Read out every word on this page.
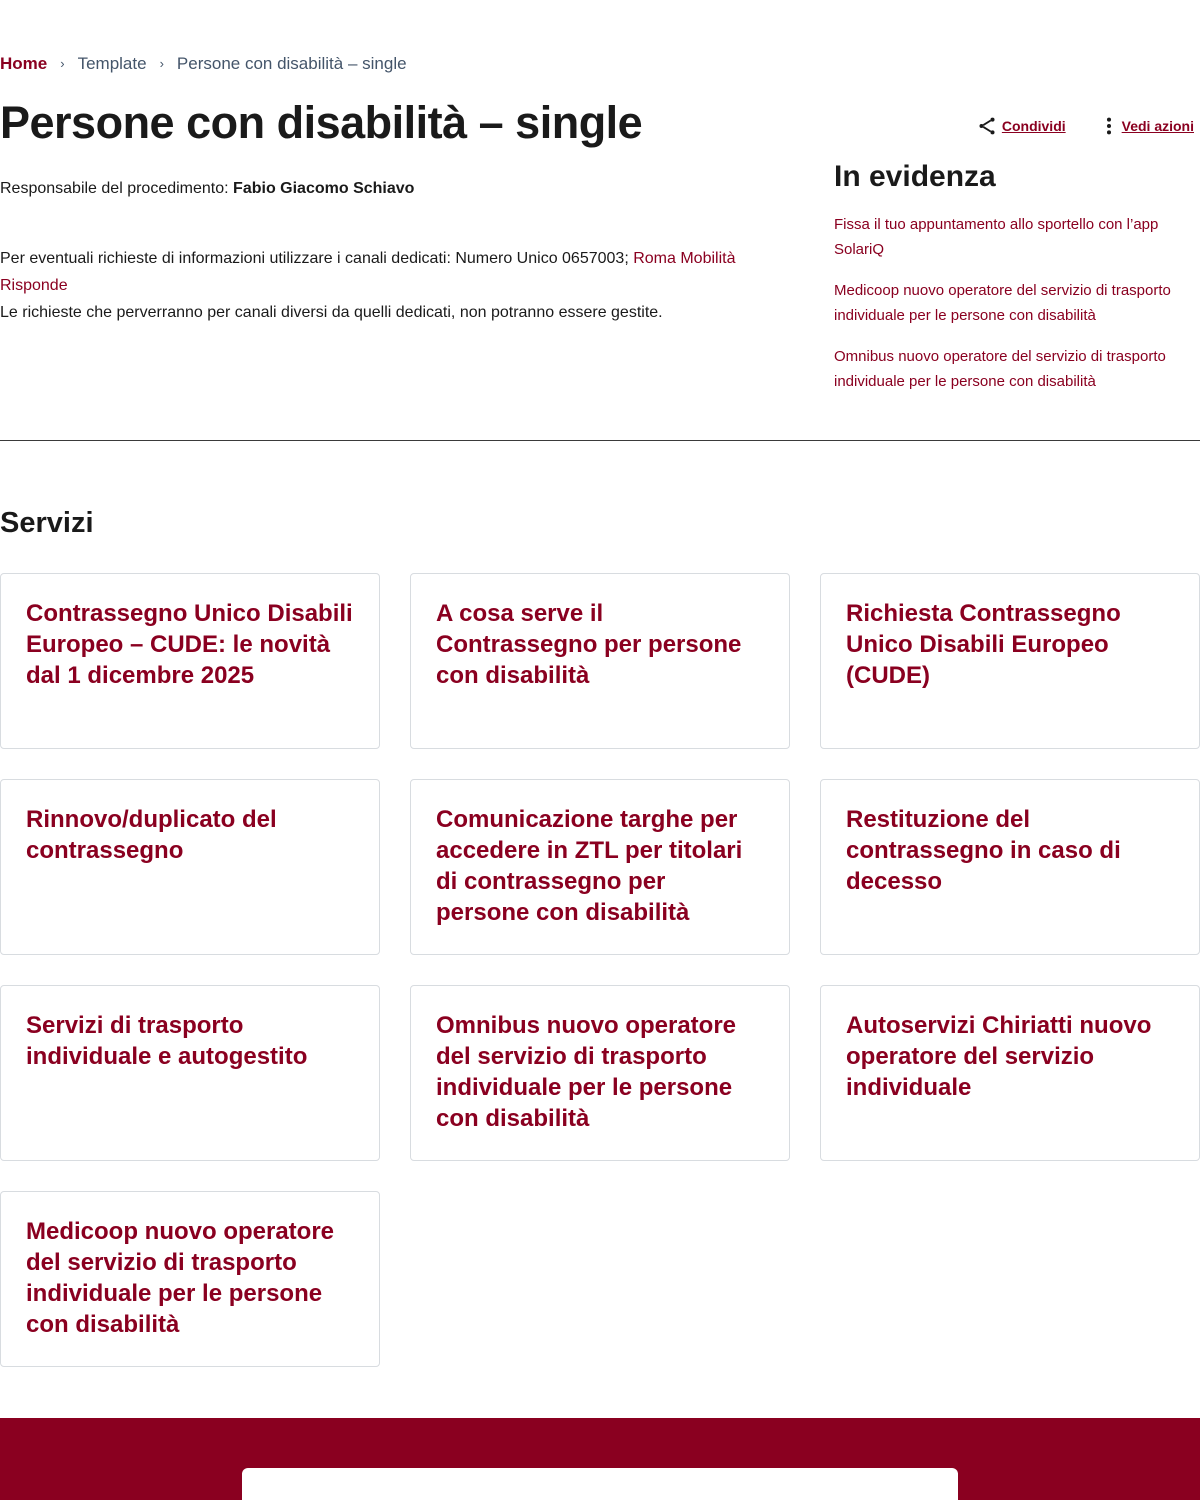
Home › Template › Persone con disabilità – single
Persone con disabilità – single	Condividi	Vedi azioni

Responsabile del procedimento: Fabio Giacomo Schiavo

Per eventuali richieste di informazioni utilizzare i canali dedicati: Numero Unico 0657003; Roma Mobilità Risponde
Le richieste che perverranno per canali diversi da quelli dedicati, non potranno essere gestite.
In evidenza
Fissa il tuo appuntamento allo sportello con l’app SolariQ
Medicoop nuovo operatore del servizio di trasporto individuale per le persone con disabilità
Omnibus nuovo operatore del servizio di trasporto individuale per le persone con disabilità
Servizi
Contrassegno Unico Disabili Europeo – CUDE: le novità dal 1 dicembre 2025
A cosa serve il Contrassegno per persone con disabilità
Richiesta Contrassegno Unico Disabili Europeo (CUDE)
Rinnovo/duplicato del contrassegno
Comunicazione targhe per accedere in ZTL per titolari di contrassegno per persone con disabilità
Restituzione del contrassegno in caso di decesso
Servizi di trasporto individuale e autogestito
Omnibus nuovo operatore del servizio di trasporto individuale per le persone con disabilità
Autoservizi Chiriatti nuovo operatore del servizio individuale
Medicoop nuovo operatore del servizio di trasporto individuale per le persone con disabilità
